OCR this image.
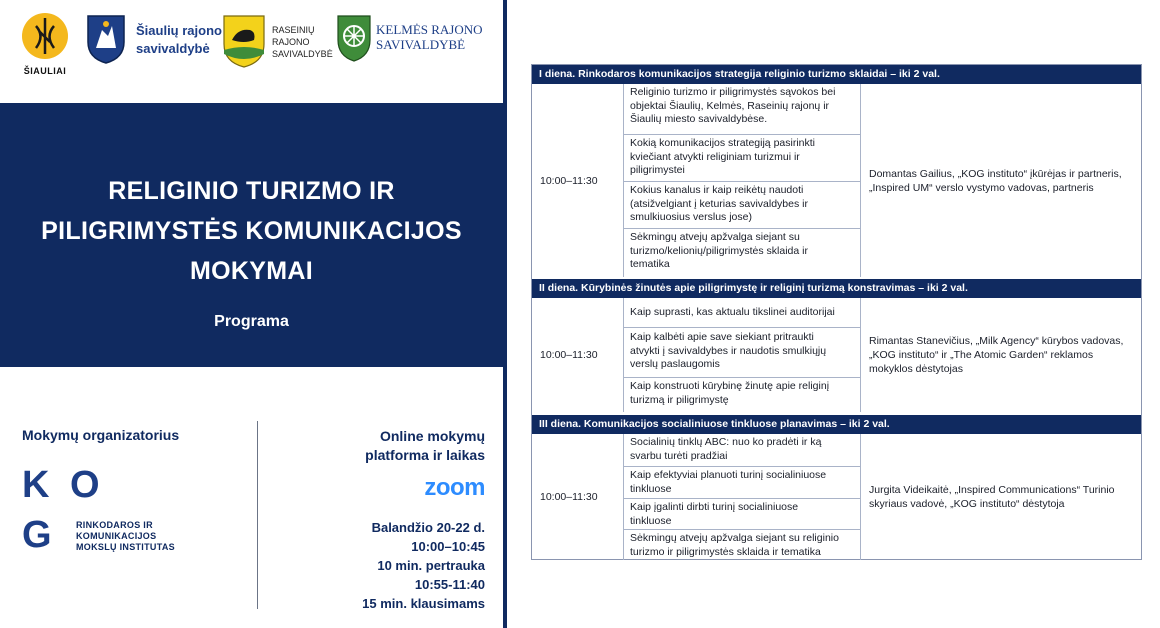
ŠIAULIAI
Šiaulių rajono
savivaldybė
RASEINIŲ
RAJONO
SAVIVALDYBĖ
KELMĖS RAJONO
SAVIVALDYBĖ
RELIGINIO TURIZMO IR
PILIGRIMYSTĖS KOMUNIKACIJOS
MOKYMAI
Programa
Mokymų organizatorius
K O
G	RINKODAROS IR
KOMUNIKACIJOS
MOKSLŲ INSTITUTAS
Online mokymų
platforma ir laikas
zoom
Balandžio 20-22 d.
10:00–10:45
10 min. pertrauka
10:55-11:40
15 min. klausimams
I diena. Rinkodaros komunikacijos strategija religinio turizmo sklaidai – iki 2 val.
10:00–11:30
Religinio turizmo ir piligrimystės sąvokos bei
objektai Šiaulių, Kelmės, Raseinių rajonų ir
Šiaulių miesto savivaldybėse.
Kokią komunikacijos strategiją pasirinkti
kviečiant atvykti religiniam turizmui ir
piligrimystei
Kokius kanalus ir kaip reikėtų naudoti
(atsižvelgiant į keturias savivaldybes ir
smulkiuosius verslus jose)
Sėkmingų atvejų apžvalga siejant su
turizmo/kelionių/piligrimystės sklaida ir
tematika
Domantas Gailius, „KOG instituto“ įkūrėjas ir partneris,
„Inspired UM“ verslo vystymo vadovas, partneris
II diena. Kūrybinės žinutės apie piligrimystę ir religinį turizmą konstravimas – iki 2 val.
10:00–11:30
Kaip suprasti, kas aktualu tikslinei auditorijai
Kaip kalbėti apie save siekiant pritraukti
atvykti į savivaldybes ir naudotis smulkiųjų
verslų paslaugomis
Kaip konstruoti kūrybinę žinutę apie religinį
turizmą ir piligrimystę
Rimantas Stanevičius, „Milk Agency“ kūrybos vadovas,
„KOG instituto“ ir „The Atomic Garden“ reklamos
mokyklos dėstytojas
III diena. Komunikacijos socialiniuose tinkluose planavimas – iki 2 val.
10:00–11:30
Socialinių tinklų ABC: nuo ko pradėti ir ką
svarbu turėti pradžiai
Kaip efektyviai planuoti turinį socialiniuose
tinkluose
Kaip įgalinti dirbti turinį socialiniuose
tinkluose
Sėkmingų atvejų apžvalga siejant su religinio
turizmo ir piligrimystės sklaida ir tematika
Jurgita Videikaitė, „Inspired Communications“ Turinio
skyriaus vadovė, „KOG instituto“ dėstytoja
